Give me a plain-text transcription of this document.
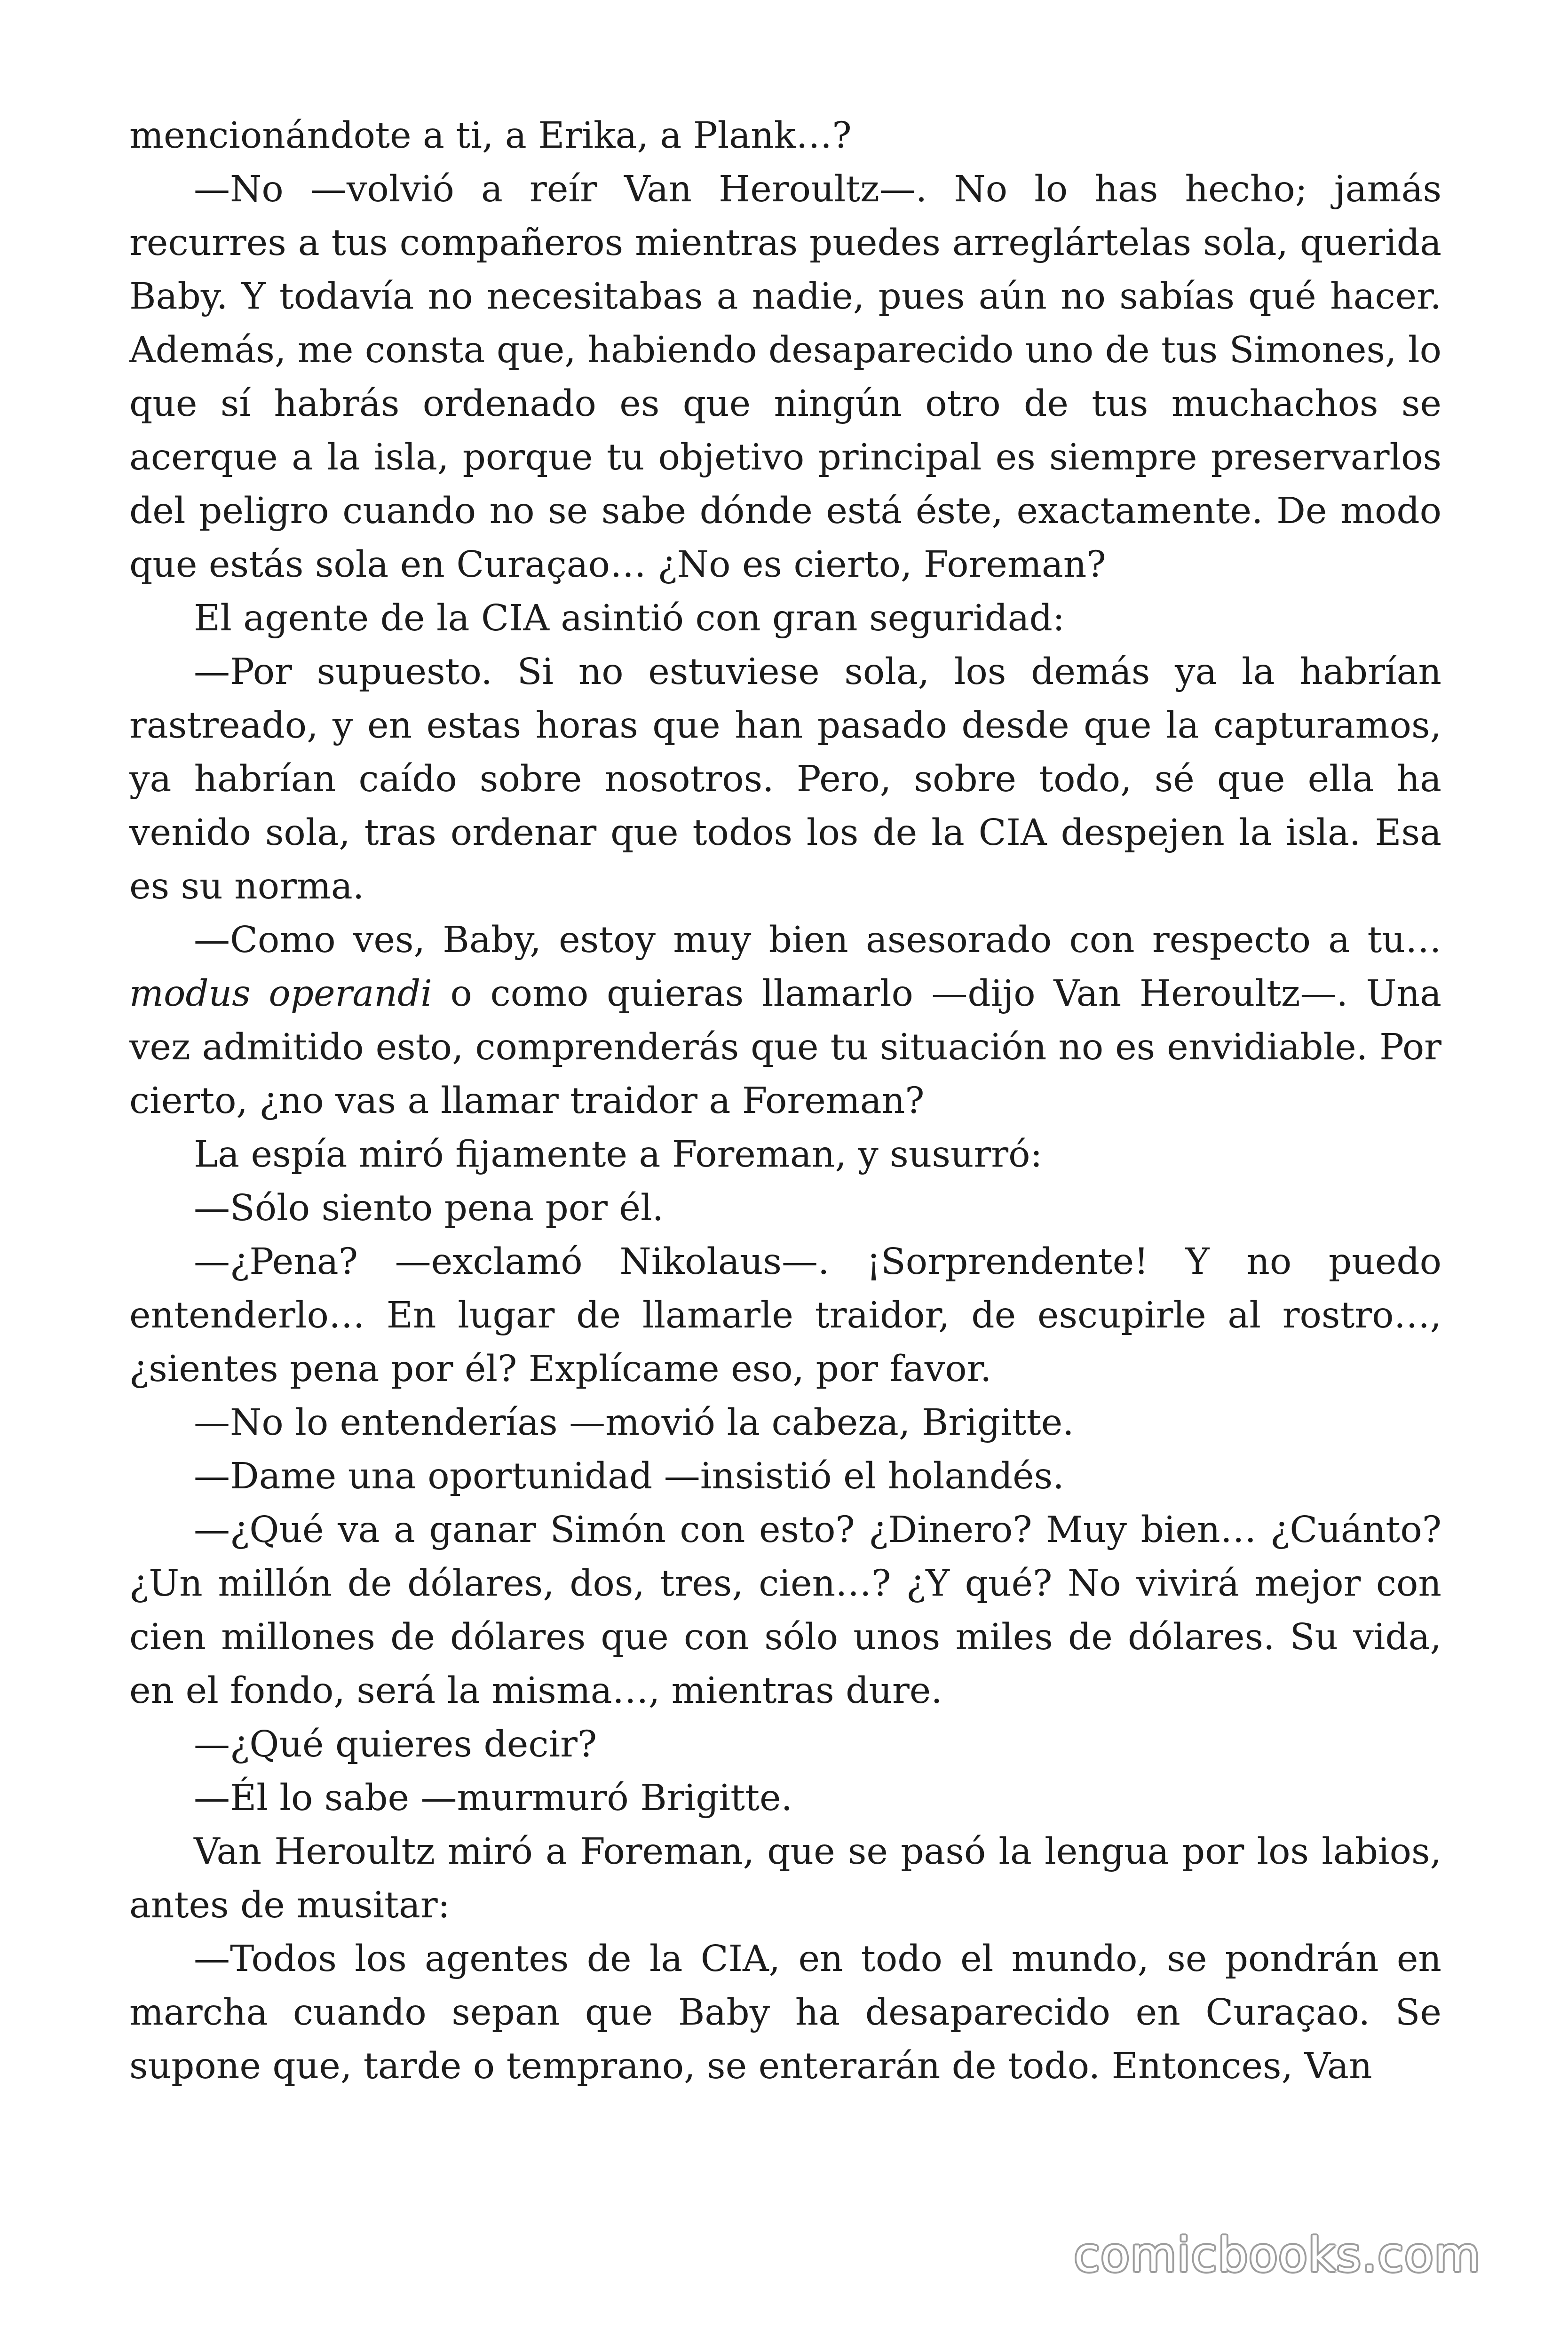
mencionándote a ti, a Erika, a Plank…?

—No —volvió a reír Van Heroultz—. No lo has hecho; jamás recurres a tus compañeros mientras puedes arreglártelas sola, querida Baby. Y todavía no necesitabas a nadie, pues aún no sabías qué hacer. Además, me consta que, habiendo desaparecido uno de tus Simones, lo que sí habrás ordenado es que ningún otro de tus muchachos se acerque a la isla, porque tu objetivo principal es siempre preservarlos del peligro cuando no se sabe dónde está éste, exactamente. De modo que estás sola en Curaçao… ¿No es cierto, Foreman?

El agente de la CIA asintió con gran seguridad:

—Por supuesto. Si no estuviese sola, los demás ya la habrían rastreado, y en estas horas que han pasado desde que la capturamos, ya habrían caído sobre nosotros. Pero, sobre todo, sé que ella ha venido sola, tras ordenar que todos los de la CIA despejen la isla. Esa es su norma.

—Como ves, Baby, estoy muy bien asesorado con respecto a tu… modus operandi o como quieras llamarlo —dijo Van Heroultz—. Una vez admitido esto, comprenderás que tu situación no es envidiable. Por cierto, ¿no vas a llamar traidor a Foreman?

La espía miró fijamente a Foreman, y susurró:

—Sólo siento pena por él.

—¿Pena? —exclamó Nikolaus—. ¡Sorprendente! Y no puedo entenderlo… En lugar de llamarle traidor, de escupirle al rostro…, ¿sientes pena por él? Explícame eso, por favor.

—No lo entenderías —movió la cabeza, Brigitte.

—Dame una oportunidad —insistió el holandés.

—¿Qué va a ganar Simón con esto? ¿Dinero? Muy bien… ¿Cuánto? ¿Un millón de dólares, dos, tres, cien…? ¿Y qué? No vivirá mejor con cien millones de dólares que con sólo unos miles de dólares. Su vida, en el fondo, será la misma…, mientras dure.

—¿Qué quieres decir?

—Él lo sabe —murmuró Brigitte.

Van Heroultz miró a Foreman, que se pasó la lengua por los labios, antes de musitar:

—Todos los agentes de la CIA, en todo el mundo, se pondrán en marcha cuando sepan que Baby ha desaparecido en Curaçao. Se supone que, tarde o temprano, se enterarán de todo. Entonces, Van

comicbooks.com
